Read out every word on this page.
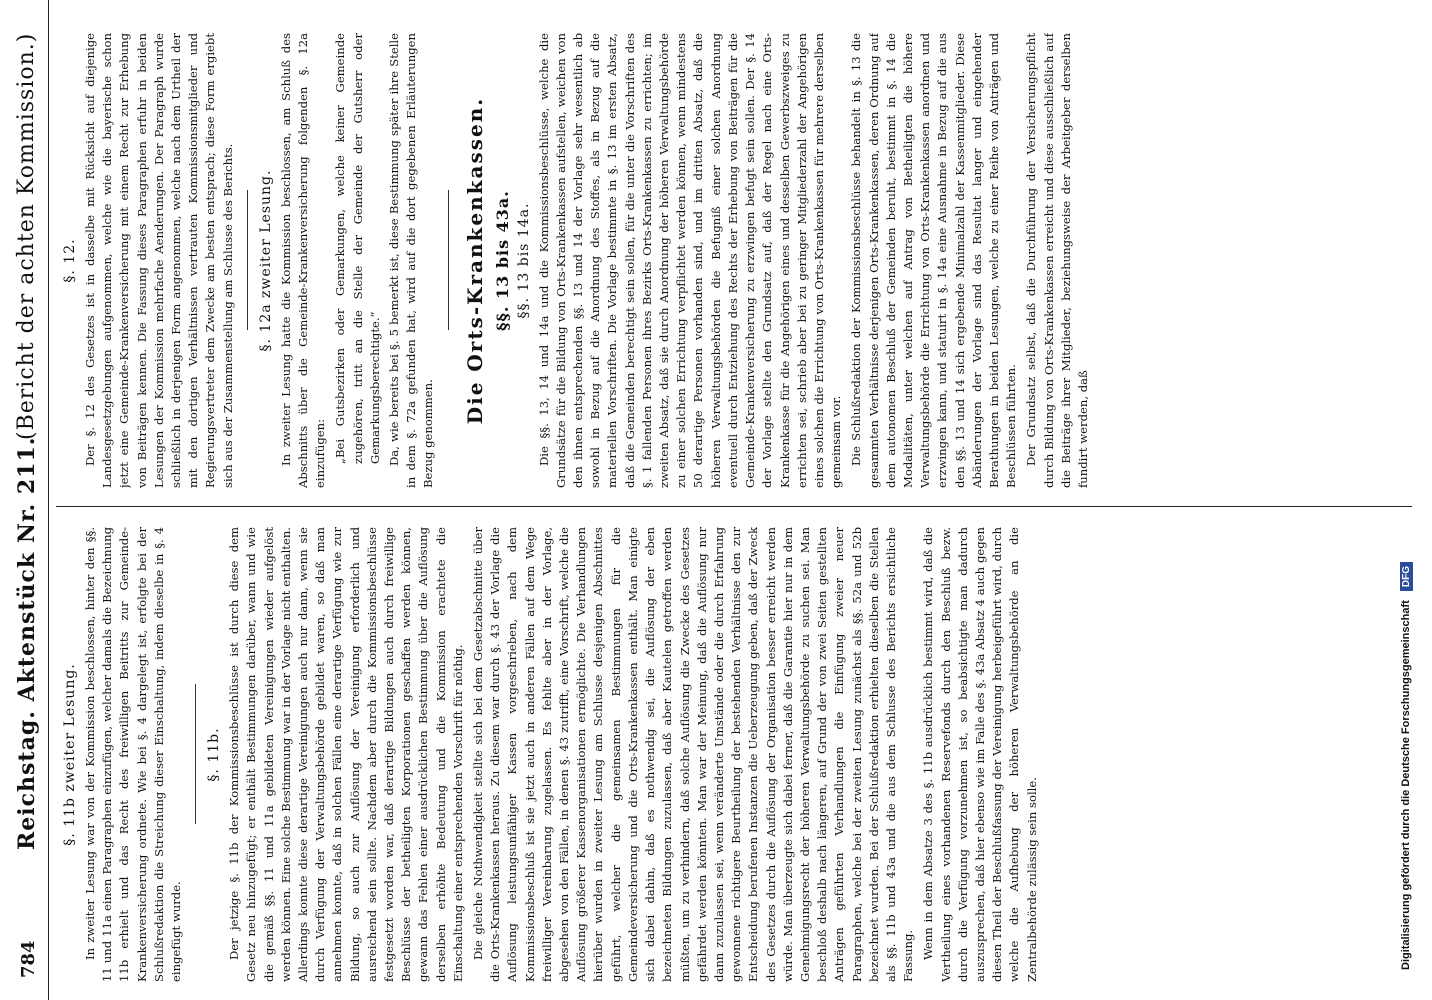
784
Reichstag. Aktenstück Nr. 211.
(Bericht der achten Kommission.)
§. 11b zweiter Lesung. In zweiter Lesung war von der Kommission beschlossen, hinter den §§. 11 und 11a einen Paragraphen einzufügen, welcher damals die Bezeichnung 11b erhielt und das Recht des freiwilligen Beitritts zur Gemeinde-Krankenversicherung ordnete. Wie bei §. 4 dargelegt ist, erfolgte bei der Schlußredaktion die Streichung dieser Einschaltung, indem dieselbe in §. 4 eingefügt wurde.

§. 11b. Der jetzige §. 11b der Kommissionsbeschlüsse ist durch diese dem Gesetz neu hinzugefügt; er enthält Bestimmungen darüber, wann und wie die gemäß §§. 11 und 11a gebildeten Vereinigungen wieder aufgelöst werden können. Eine solche Bestimmung war in der Vorlage nicht enthalten. Allerdings konnte diese derartige Vereinigungen auch nur dann, wenn sie durch Verfügung der Verwaltungsbehörde gebildet waren, so daß man annehmen konnte, daß in solchen Fällen eine derartige Verfügung wie zur Bildung, so auch zur Auflösung der Vereinigung erforderlich und ausreichend sein sollte. Nachdem aber durch die Kommissionsbeschlüsse festgesetzt worden war, daß derartige Bildungen auch durch freiwillige Beschlüsse der betheiligten Korporationen geschaffen werden können, gewann das Fehlen einer ausdrücklichen Bestimmung über die Auflösung derselben erhöhte Bedeutung und die Kommission erachtete die Einschaltung einer entsprechenden Vorschrift für nöthig. Die gleiche Nothwendigkeit stellte sich bei dem Gesetzabschnitte über die Orts-Krankenkassen heraus. Zu diesem war durch §. 43 der Vorlage die Auflösung leistungsunfähiger Kassen vorgeschrieben, nach dem Kommissionsbeschluß ist sie jetzt auch in anderen Fällen auf dem Wege freiwilliger Vereinbarung zugelassen. Es fehlte aber in der Vorlage, abgesehen von den Fällen, in denen §. 43 zutrifft, eine Vorschrift, welche die Auflösung größerer Kassenorganisationen ermöglichte. Die Verhandlungen hierüber wurden in zweiter Lesung am Schlusse desjenigen Abschnittes geführt, welcher die gemeinsamen Bestimmungen für die Gemeindeversicherung und die Orts-Krankenkassen enthält. Man einigte sich dabei dahin, daß es nothwendig sei, die Auflösung der eben bezeichneten Bildungen zuzulassen, daß aber Kautelen getroffen werden müßten, um zu verhindern, daß solche Auflösung die Zwecke des Gesetzes gefährdet werden könnten. Man war der Meinung, daß die Auflösung nur dann zuzulassen sei, wenn veränderte Umstände oder die durch Erfahrung gewonnene richtigere Beurtheilung der bestehenden Verhältnisse den zur Entscheidung berufenen Instanzen die Ueberzeugung geben, daß der Zweck des Gesetzes durch die Auflösung der Organisation besser erreicht werden würde. Man überzeugte sich dabei ferner, daß die Garantie hier nur in dem Genehmigungsrecht der höheren Verwaltungsbehörde zu suchen sei. Man beschloß deshalb nach längeren, auf Grund der von zwei Seiten gestellten Anträgen geführten Verhandlungen die Einfügung zweier neuer Paragraphen, welche bei der zweiten Lesung zunächst als §§. 52a und 52b bezeichnet wurden. Bei der Schlußredaktion erhielten dieselben die Stellen als §§. 11b und 43a und die aus dem Schlusse des Berichts ersichtliche Fassung. Wenn in dem Absatze 3 des §. 11b ausdrücklich bestimmt wird, daß die Vertheilung eines vorhandenen Reservefonds durch den Beschluß bezw. durch die Verfügung vorzunehmen ist, so beabsichtigte man dadurch auszusprechen, daß hier ebenso wie im Falle des §. 43a Absatz 4 auch gegen diesen Theil der Beschlußfassung der Vereinigung herbeigeführt wird, durch welche die Aufhebung der höheren Verwaltungsbehörde an die Zentralbehörde zulässig sein solle.

§. 12. Der §. 12 des Gesetzes ist in dasselbe mit Rücksicht auf diejenige Landesgesetzgebungen aufgenommen, welche wie die bayerische schon jetzt eine Gemeinde-Krankenversicherung mit einem Recht zur Erhebung von Beiträgen kennen. Die Fassung dieses Paragraphen erfuhr in beiden Lesungen der Kommission mehrfache Aenderungen. Der Paragraph wurde schließlich in derjenigen Form angenommen, welche nach dem Urtheil der mit den dortigen Verhältnissen vertrauten Kommissionsmitglieder und Regierungsvertreter dem Zwecke am besten entsprach; diese Form ergiebt sich aus der Zusammenstellung am Schlusse des Berichts. §. 12a zweiter Lesung. In zweiter Lesung hatte die Kommission beschlossen, am Schluß des Abschnitts über die Gemeinde-Krankenversicherung folgenden §. 12a einzufügen: „Bei Gutsbezirken oder Gemarkungen, welche keiner Gemeinde zugehören, tritt an die Stelle der Gemeinde der Gutsherr oder Gemarkungsberechtigte.“ Da, wie bereits bei §. 5 bemerkt ist, diese Bestimmung später ihre Stelle in dem §. 72a gefunden hat, wird auf die dort gegebenen Erläuterungen Bezug genommen.

Die Orts-Krankenkassen. §§. 13 bis 43a. §§. 13 bis 14a. Die §§. 13, 14 und 14a und die Kommissionsbeschlüsse, welche die Grundsätze für die Bildung von Orts-Krankenkassen aufstellen, weichen von den ihnen entsprechenden §§. 13 und 14 der Vorlage sehr wesentlich ab sowohl in Bezug auf die Anordnung des Stoffes, als in Bezug auf die materiellen Vorschriften. Die Vorlage bestimmte in §. 13 im ersten Absatz, daß die Gemeinden berechtigt sein sollen, für die unter die Vorschriften des §. 1 fallenden Personen ihres Bezirks Orts-Krankenkassen zu errichten; im zweiten Absatz, daß sie durch Anordnung der höheren Verwaltungsbehörde zu einer solchen Errichtung verpflichtet werden können, wenn mindestens 50 derartige Personen vorhanden sind, und im dritten Absatz, daß die höheren Verwaltungsbehörden die Befugniß einer solchen Anordnung eventuell durch Entziehung des Rechts der Erhebung von Beiträgen für die Gemeinde-Krankenversicherung zu erzwingen befugt sein sollen. Der §. 14 der Vorlage stellte den Grundsatz auf, daß der Regel nach eine Orts-Krankenkasse für die Angehörigen eines und desselben Gewerbszweiges zu errichten sei, schrieb aber bei zu geringer Mitgliederzahl der Angehörigen eines solchen die Errichtung von Orts-Krankenkassen für mehrere derselben gemeinsam vor. Die Schlußredaktion der Kommissionsbeschlüsse behandelt in §. 13 die gesammten Verhältnisse derjenigen Orts-Krankenkassen, deren Ordnung auf dem autonomen Beschluß der Gemeinden beruht, bestimmt in §. 14 die Modalitäten, unter welchen auf Antrag von Betheiligten die höhere Verwaltungsbehörde die Errichtung von Orts-Krankenkassen anordnen und erzwingen kann, und statuirt in §. 14a eine Ausnahme in Bezug auf die aus den §§. 13 und 14 sich ergebende Minimalzahl der Kassenmitglieder. Diese Abänderungen der Vorlage sind das Resultat langer und eingehender Berathungen in beiden Lesungen, welche zu einer Reihe von Anträgen und Beschlüssen führten. Der Grundsatz selbst, daß die Durchführung der Versicherungspflicht durch Bildung von Orts-Krankenkassen erreicht und diese ausschließlich auf die Beiträge ihrer Mitglieder, beziehungsweise der Arbeitgeber derselben fundirt werden, daß

Digitalisierung gefördert durch die Deutsche Forschungsgemeinschaft DFG
